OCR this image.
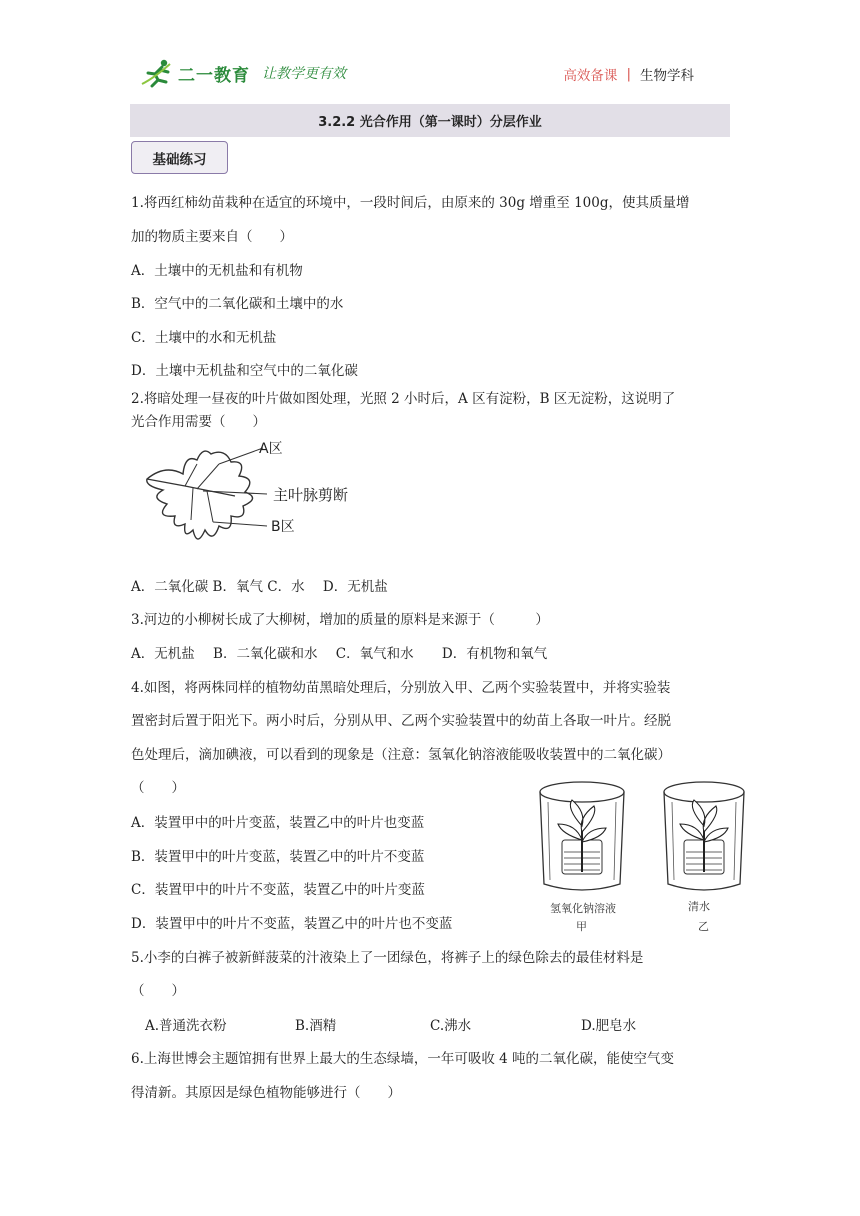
二一教育 让教学更有效	高效备课 | 生物学科
3.2.2 光合作用（第一课时）分层作业
基础练习
1.将西红柿幼苗栽种在适宜的环境中，一段时间后，由原来的 30g 增重至 100g，使其质量增
加的物质主要来自（　　）
A．土壤中的无机盐和有机物
B．空气中的二氧化碳和土壤中的水
C．土壤中的水和无机盐
D．土壤中无机盐和空气中的二氧化碳
2.将暗处理一昼夜的叶片做如图处理，光照 2 小时后，A 区有淀粉，B 区无淀粉，这说明了
光合作用需要（　　）
A区
主叶脉剪断
B区
A．二氧化碳 B．氧气 C．水 D．无机盐
3.河边的小柳树长成了大柳树，增加的质量的原料是来源于（　　　）
A．无机盐 B．二氧化碳和水 C．氧气和水 D．有机物和氧气
4.如图，将两株同样的植物幼苗黑暗处理后，分别放入甲、乙两个实验装置中，并将实验装
置密封后置于阳光下。两小时后，分别从甲、乙两个实验装置中的幼苗上各取一叶片。经脱
色处理后，滴加碘液，可以看到的现象是（注意：氢氧化钠溶液能吸收装置中的二氧化碳）
（　　）
A．装置甲中的叶片变蓝，装置乙中的叶片也变蓝
B．装置甲中的叶片变蓝，装置乙中的叶片不变蓝
C．装置甲中的叶片不变蓝，装置乙中的叶片变蓝
D．装置甲中的叶片不变蓝，装置乙中的叶片也不变蓝
氢氧化钠溶液
甲
清水
乙
5.小李的白裤子被新鲜菠菜的汁液染上了一团绿色，将裤子上的绿色除去的最佳材料是
（　　）
A.普通洗衣粉	B.酒精	C.沸水	D.肥皂水
6.上海世博会主题馆拥有世界上最大的生态绿墙，一年可吸收 4 吨的二氧化碳，能使空气变
得清新。其原因是绿色植物能够进行（　　）
